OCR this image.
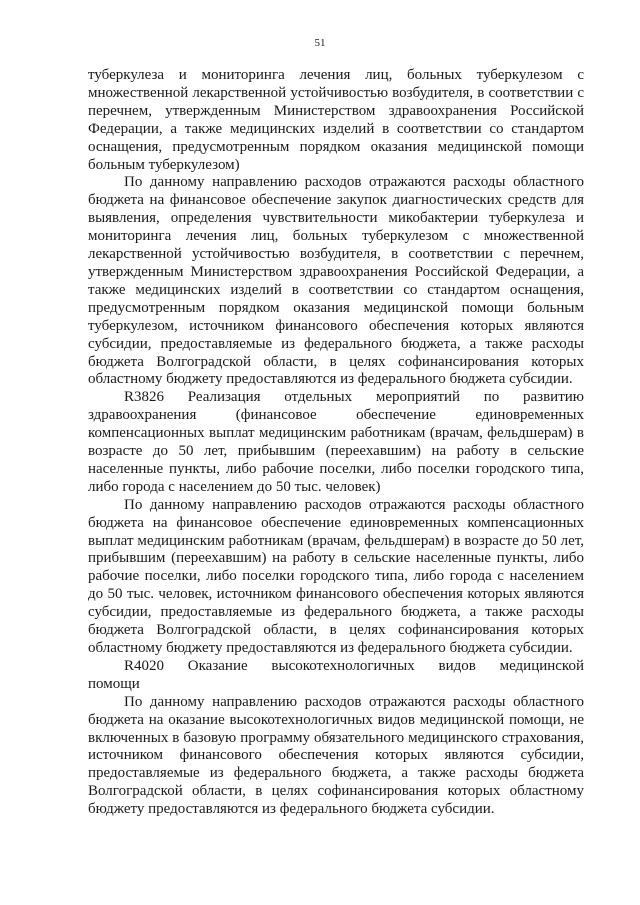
51

туберкулеза и мониторинга лечения лиц, больных туберкулезом с множественной лекарственной устойчивостью возбудителя, в соответствии с перечнем, утвержденным Министерством здравоохранения Российской Федерации, а также медицинских изделий в соответствии со стандартом оснащения, предусмотренным порядком оказания медицинской помощи больным туберкулезом)

По данному направлению расходов отражаются расходы областного бюджета на финансовое обеспечение закупок диагностических средств для выявления, определения чувствительности микобактерии туберкулеза и мониторинга лечения лиц, больных туберкулезом с множественной лекарственной устойчивостью возбудителя, в соответствии с перечнем, утвержденным Министерством здравоохранения Российской Федерации, а также медицинских изделий в соответствии со стандартом оснащения, предусмотренным порядком оказания медицинской помощи больным туберкулезом, источником финансового обеспечения которых являются субсидии, предоставляемые из федерального бюджета, а также расходы бюджета Волгоградской области, в целях софинансирования которых областному бюджету предоставляются из федерального бюджета субсидии.

R3826 Реализация отдельных мероприятий по развитию

здравоохранения (финансовое обеспечение единовременных компенсационных выплат медицинским работникам (врачам, фельдшерам) в возрасте до 50 лет, прибывшим (переехавшим) на работу в сельские населенные пункты, либо рабочие поселки, либо поселки городского типа, либо города с населением до 50 тыс. человек)

По данному направлению расходов отражаются расходы областного бюджета на финансовое обеспечение единовременных компенсационных выплат медицинским работникам (врачам, фельдшерам) в возрасте до 50 лет, прибывшим (переехавшим) на работу в сельские населенные пункты, либо рабочие поселки, либо поселки городского типа, либо города с населением до 50 тыс. человек, источником финансового обеспечения которых являются субсидии, предоставляемые из федерального бюджета, а также расходы бюджета Волгоградской области, в целях софинансирования которых областному бюджету предоставляются из федерального бюджета субсидии.

R4020 Оказание высокотехнологичных видов медицинской

помощи

По данному направлению расходов отражаются расходы областного бюджета на оказание высокотехнологичных видов медицинской помощи, не включенных в базовую программу обязательного медицинского страхования, источником финансового обеспечения которых являются субсидии, предоставляемые из федерального бюджета, а также расходы бюджета Волгоградской области, в целях софинансирования которых областному бюджету предоставляются из федерального бюджета субсидии.
